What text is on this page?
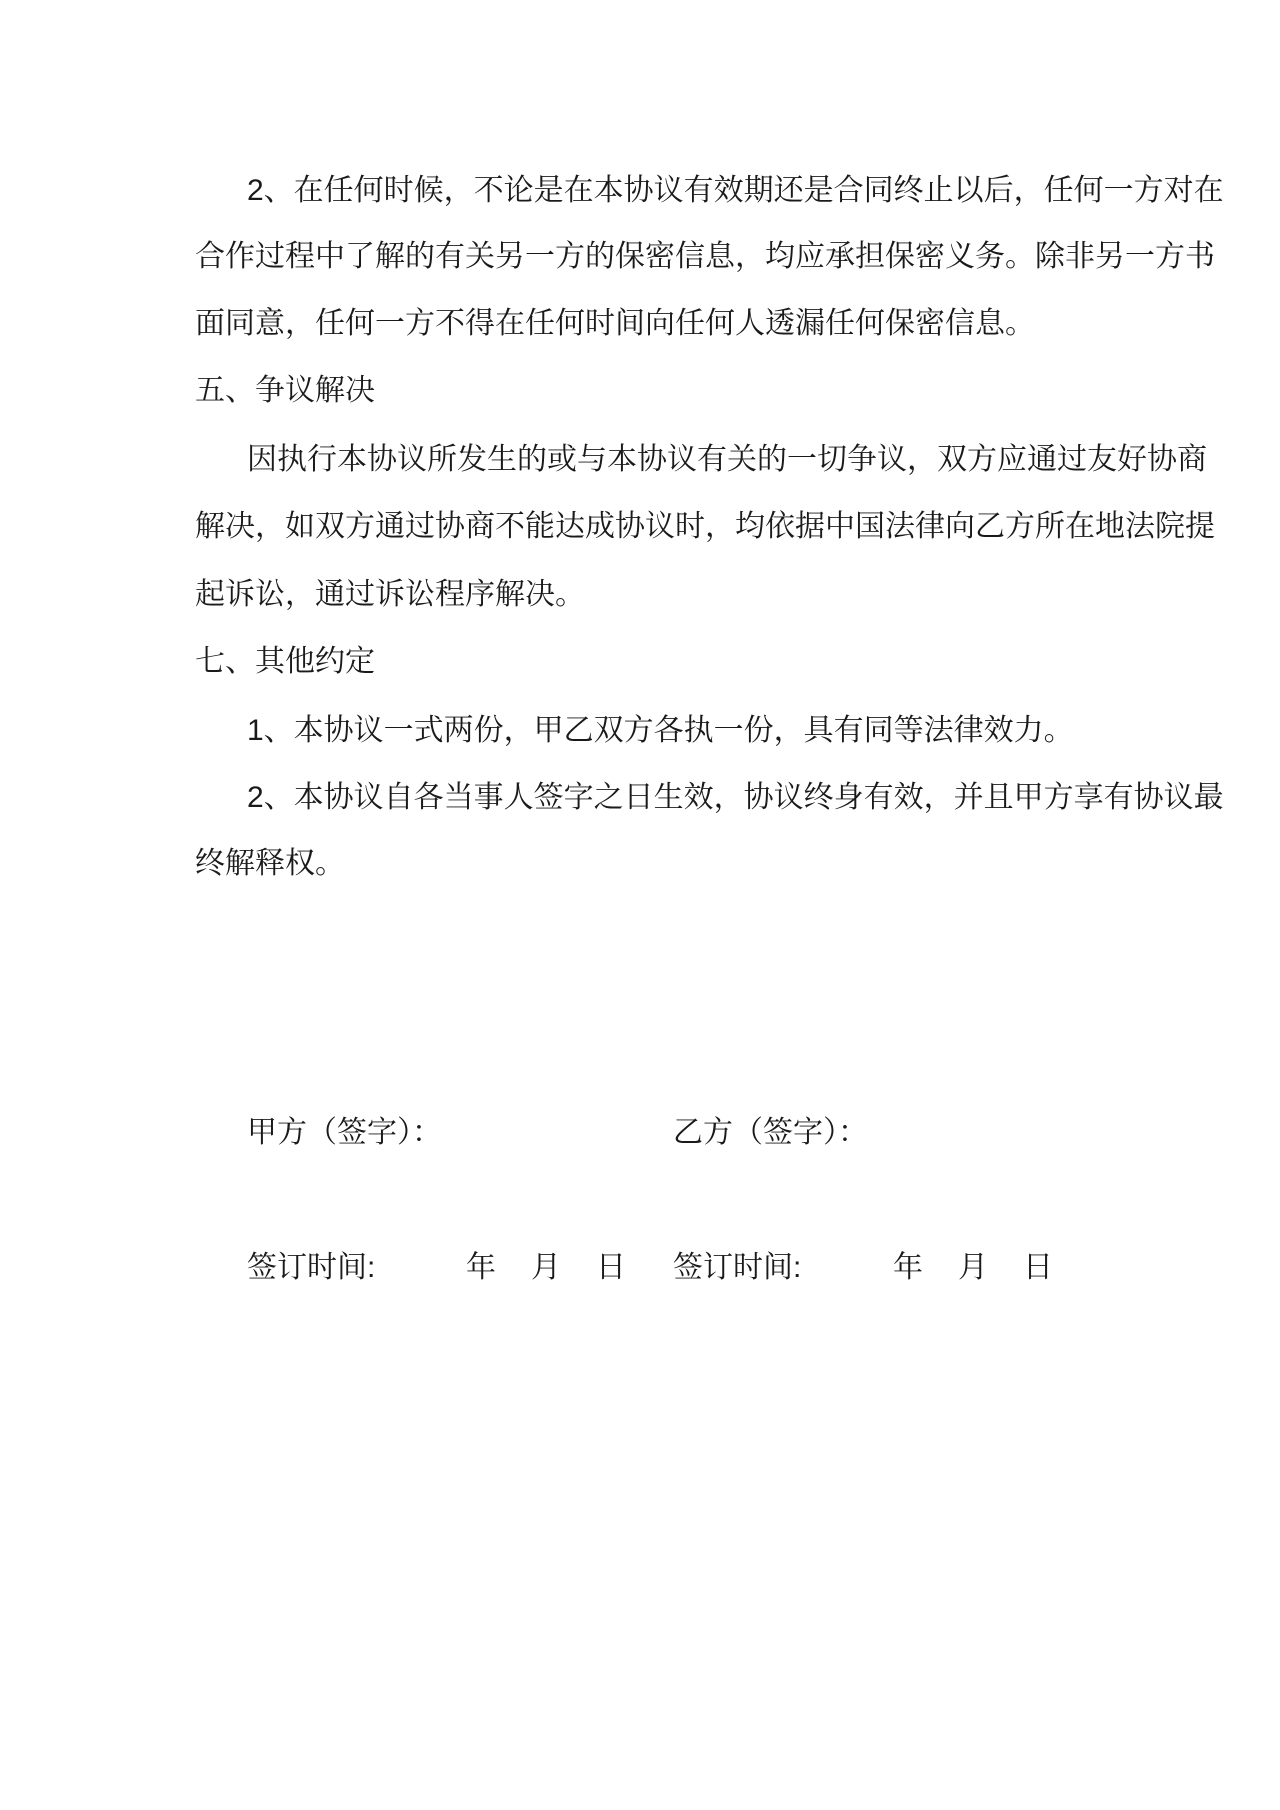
2、在任何时候，不论是在本协议有效期还是合同终止以后，任何一方对在
合作过程中了解的有关另一方的保密信息，均应承担保密义务。除非另一方书
面同意，任何一方不得在任何时间向任何人透漏任何保密信息。
五、争议解决
因执行本协议所发生的或与本协议有关的一切争议，双方应通过友好协商
解决，如双方通过协商不能达成协议时，均依据中国法律向乙方所在地法院提
起诉讼，通过诉讼程序解决。
七、其他约定
1、本协议一式两份，甲乙双方各执一份，具有同等法律效力。
2、本协议自各当事人签字之日生效，协议终身有效，并且甲方享有协议最
终解释权。
甲方（签字）：	乙方（签字）：
签订时间:	年 月 日 签订时间:	年 月 日
